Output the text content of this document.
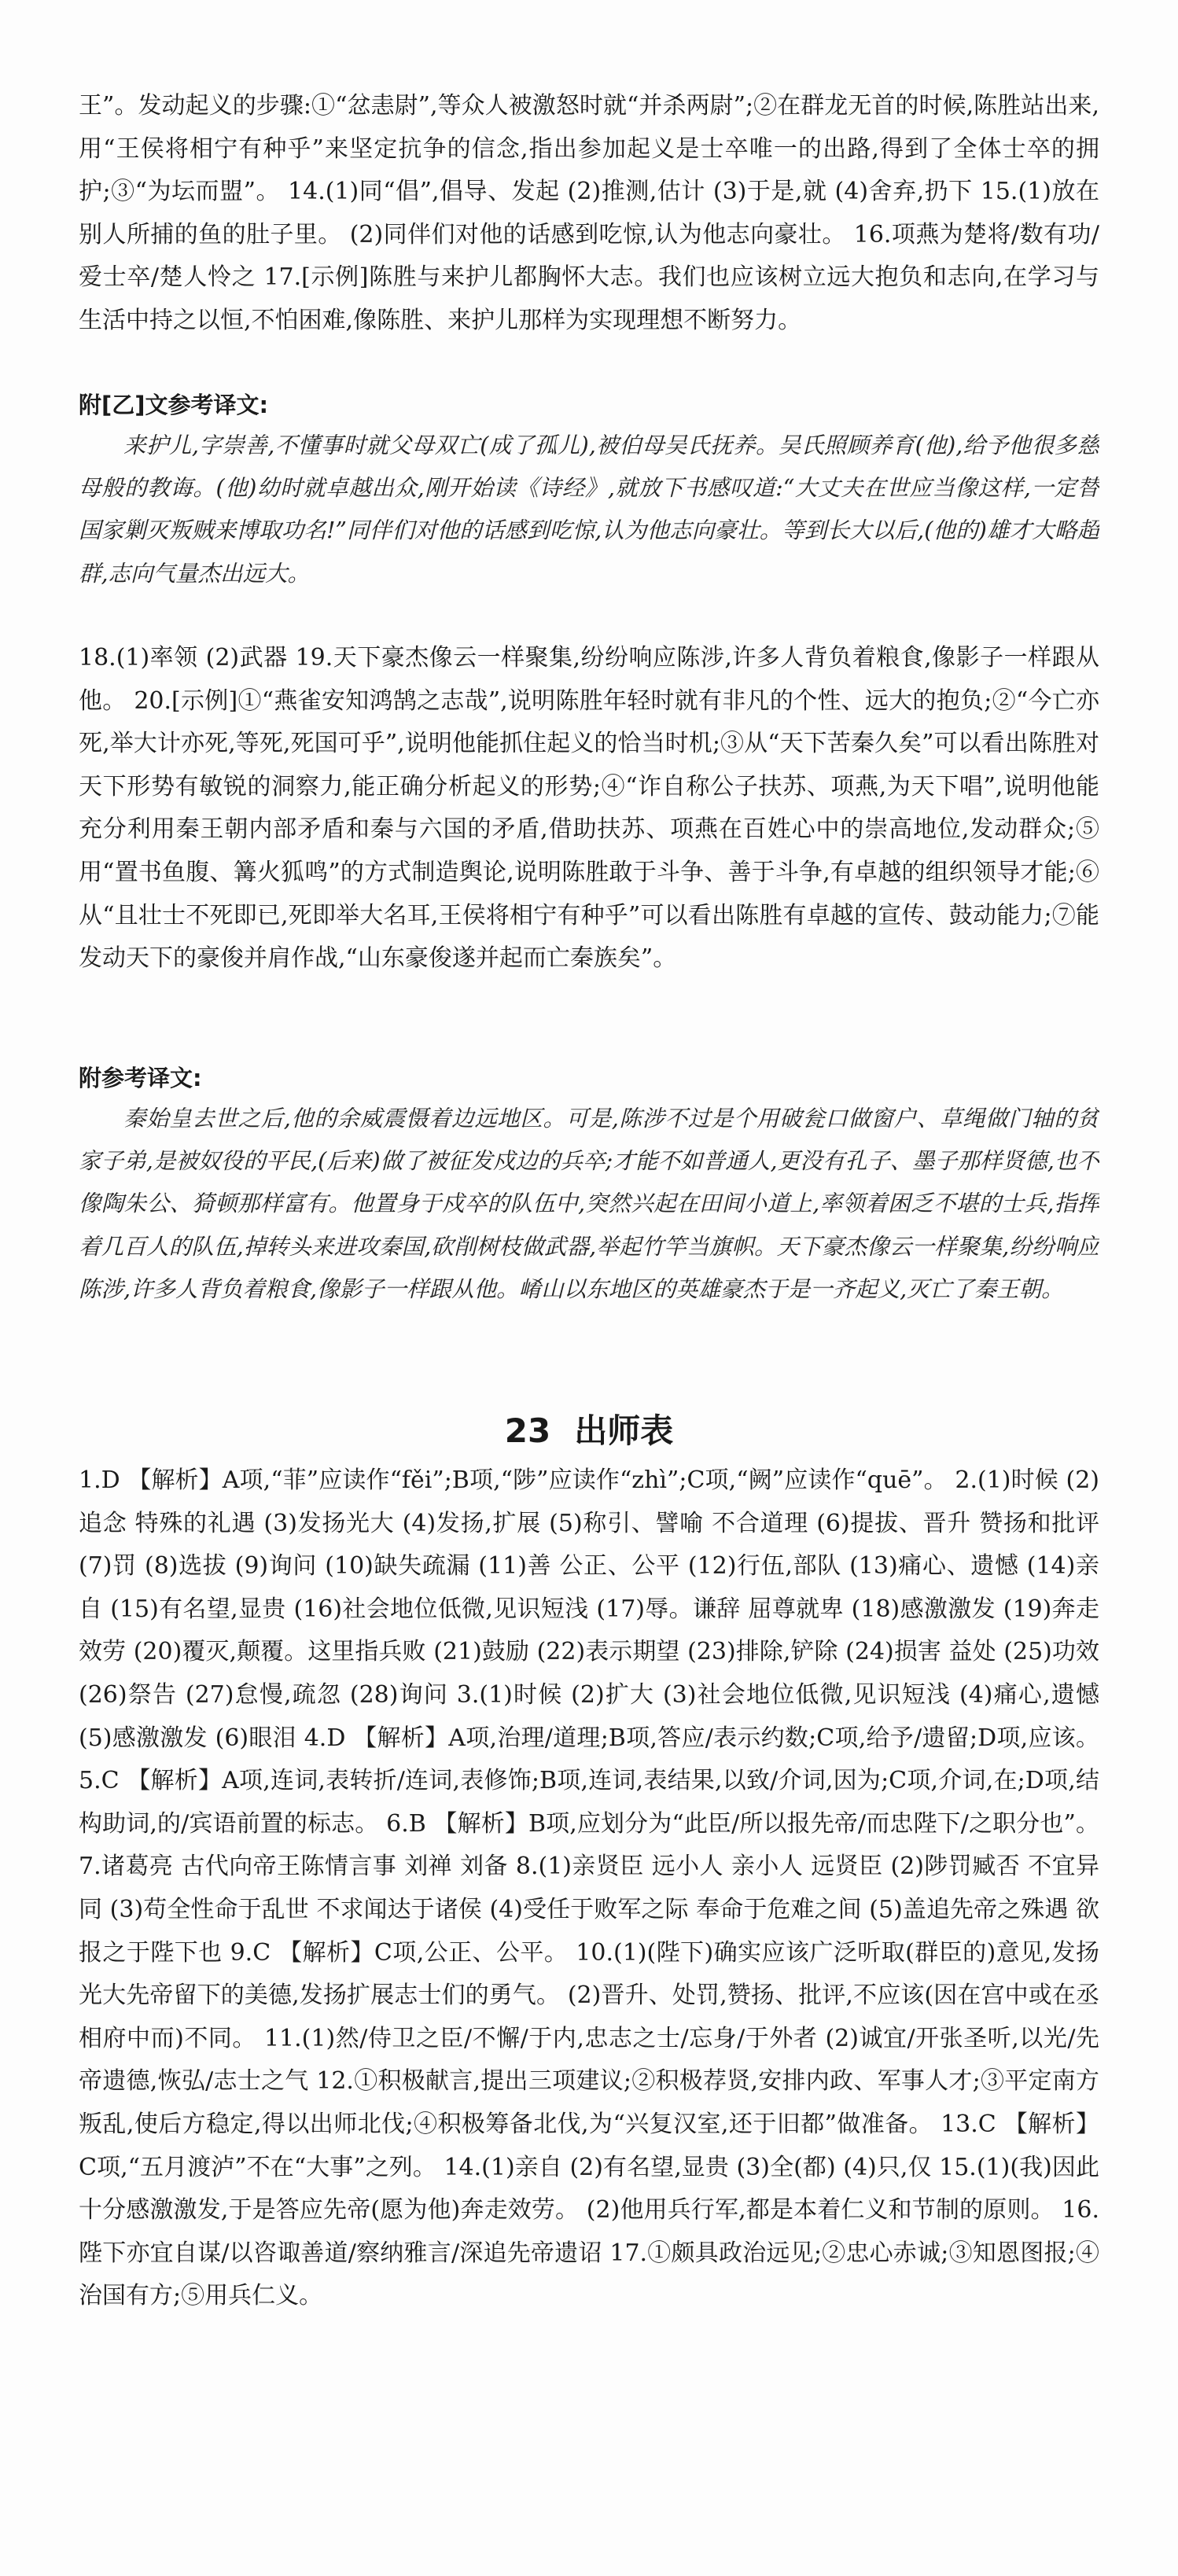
王”。发动起义的步骤:①“忿恚尉”,等众人被激怒时就“并杀两尉”;②在群龙无首的时候,陈胜站出来,用“王侯将相宁有种乎”来坚定抗争的信念,指出参加起义是士卒唯一的出路,得到了全体士卒的拥护;③“为坛而盟”。 14.(1)同“倡”,倡导、发起 (2)推测,估计 (3)于是,就 (4)舍弃,扔下 15.(1)放在别人所捕的鱼的肚子里。 (2)同伴们对他的话感到吃惊,认为他志向豪壮。 16.项燕为楚将/数有功/爱士卒/楚人怜之 17.[示例]陈胜与来护儿都胸怀大志。我们也应该树立远大抱负和志向,在学习与生活中持之以恒,不怕困难,像陈胜、来护儿那样为实现理想不断努力。

附[乙]文参考译文:

来护儿,字崇善,不懂事时就父母双亡(成了孤儿),被伯母吴氏抚养。吴氏照顾养育(他),给予他很多慈母般的教诲。(他)幼时就卓越出众,刚开始读《诗经》,就放下书感叹道:“大丈夫在世应当像这样,一定替国家剿灭叛贼来博取功名!”同伴们对他的话感到吃惊,认为他志向豪壮。等到长大以后,(他的)雄才大略超群,志向气量杰出远大。

18.(1)率领 (2)武器 19.天下豪杰像云一样聚集,纷纷响应陈涉,许多人背负着粮食,像影子一样跟从他。 20.[示例]①“燕雀安知鸿鹄之志哉”,说明陈胜年轻时就有非凡的个性、远大的抱负;②“今亡亦死,举大计亦死,等死,死国可乎”,说明他能抓住起义的恰当时机;③从“天下苦秦久矣”可以看出陈胜对天下形势有敏锐的洞察力,能正确分析起义的形势;④“诈自称公子扶苏、项燕,为天下唱”,说明他能充分利用秦王朝内部矛盾和秦与六国的矛盾,借助扶苏、项燕在百姓心中的崇高地位,发动群众;⑤用“置书鱼腹、篝火狐鸣”的方式制造舆论,说明陈胜敢于斗争、善于斗争,有卓越的组织领导才能;⑥从“且壮士不死即已,死即举大名耳,王侯将相宁有种乎”可以看出陈胜有卓越的宣传、鼓动能力;⑦能发动天下的豪俊并肩作战,“山东豪俊遂并起而亡秦族矣”。

附参考译文:

秦始皇去世之后,他的余威震慑着边远地区。可是,陈涉不过是个用破瓮口做窗户、草绳做门轴的贫家子弟,是被奴役的平民,(后来)做了被征发戍边的兵卒;才能不如普通人,更没有孔子、墨子那样贤德,也不像陶朱公、猗顿那样富有。他置身于戍卒的队伍中,突然兴起在田间小道上,率领着困乏不堪的士兵,指挥着几百人的队伍,掉转头来进攻秦国,砍削树枝做武器,举起竹竿当旗帜。天下豪杰像云一样聚集,纷纷响应陈涉,许多人背负着粮食,像影子一样跟从他。崤山以东地区的英雄豪杰于是一齐起义,灭亡了秦王朝。

23 出师表

1.D 【解析】A项,“菲”应读作“fěi”;B项,“陟”应读作“zhì”;C项,“阙”应读作“quē”。 2.(1)时候 (2)追念 特殊的礼遇 (3)发扬光大 (4)发扬,扩展 (5)称引、譬喻 不合道理 (6)提拔、晋升 赞扬和批评 (7)罚 (8)选拔 (9)询问 (10)缺失疏漏 (11)善 公正、公平 (12)行伍,部队 (13)痛心、遗憾 (14)亲自 (15)有名望,显贵 (16)社会地位低微,见识短浅 (17)辱。谦辞 屈尊就卑 (18)感激激发 (19)奔走效劳 (20)覆灭,颠覆。这里指兵败 (21)鼓励 (22)表示期望 (23)排除,铲除 (24)损害 益处 (25)功效 (26)祭告 (27)怠慢,疏忽 (28)询问 3.(1)时候 (2)扩大 (3)社会地位低微,见识短浅 (4)痛心,遗憾 (5)感激激发 (6)眼泪 4.D 【解析】A项,治理/道理;B项,答应/表示约数;C项,给予/遗留;D项,应该。 5.C 【解析】A项,连词,表转折/连词,表修饰;B项,连词,表结果,以致/介词,因为;C项,介词,在;D项,结构助词,的/宾语前置的标志。 6.B 【解析】B项,应划分为“此臣/所以报先帝/而忠陛下/之职分也”。 7.诸葛亮 古代向帝王陈情言事 刘禅 刘备 8.(1)亲贤臣 远小人 亲小人 远贤臣 (2)陟罚臧否 不宜异同 (3)苟全性命于乱世 不求闻达于诸侯 (4)受任于败军之际 奉命于危难之间 (5)盖追先帝之殊遇 欲报之于陛下也 9.C 【解析】C项,公正、公平。 10.(1)(陛下)确实应该广泛听取(群臣的)意见,发扬光大先帝留下的美德,发扬扩展志士们的勇气。 (2)晋升、处罚,赞扬、批评,不应该(因在宫中或在丞相府中而)不同。 11.(1)然/侍卫之臣/不懈/于内,忠志之士/忘身/于外者 (2)诚宜/开张圣听,以光/先帝遗德,恢弘/志士之气 12.①积极献言,提出三项建议;②积极荐贤,安排内政、军事人才;③平定南方叛乱,使后方稳定,得以出师北伐;④积极筹备北伐,为“兴复汉室,还于旧都”做准备。 13.C 【解析】C项,“五月渡泸”不在“大事”之列。 14.(1)亲自 (2)有名望,显贵 (3)全(都) (4)只,仅 15.(1)(我)因此十分感激激发,于是答应先帝(愿为他)奔走效劳。 (2)他用兵行军,都是本着仁义和节制的原则。 16.陛下亦宜自谋/以咨诹善道/察纳雅言/深追先帝遗诏 17.①颇具政治远见;②忠心赤诚;③知恩图报;④治国有方;⑤用兵仁义。
